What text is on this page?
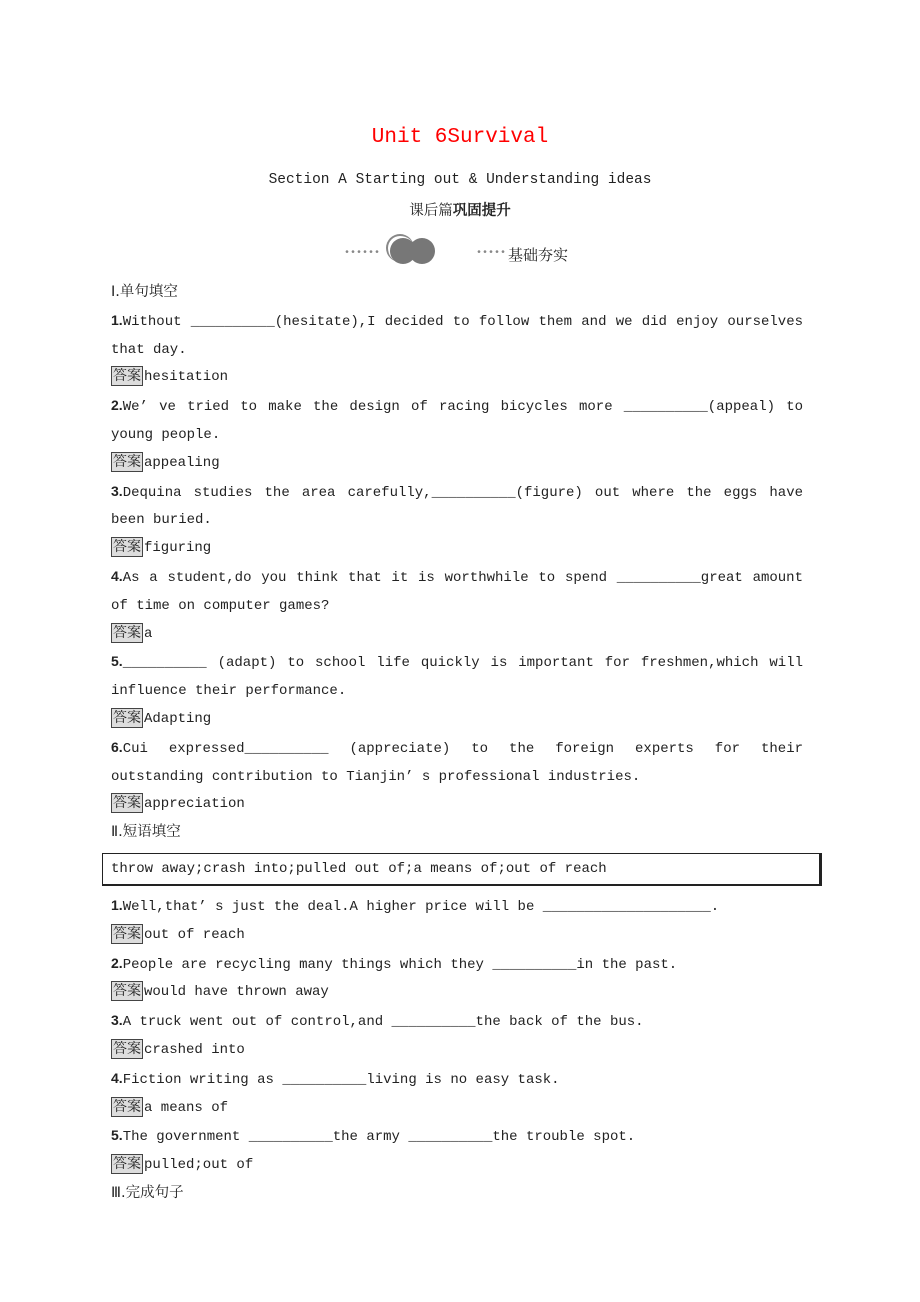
Unit 6Survival
Section A Starting out & Understanding ideas
课后篇巩固提升
••••••	••••• 基础夯实
Ⅰ.单句填空
1.Without __________(hesitate),I decided to follow them and we did enjoy ourselves that day.
答案 hesitation
2.We’ ve tried to make the design of racing bicycles more __________(appeal) to young people.
答案 appealing
3.Dequina studies the area carefully,__________(figure) out where the eggs have been buried.
答案 figuring
4.As a student,do you think that it is worthwhile to spend __________great amount of time on computer games?
答案 a
5.__________ (adapt) to school life quickly is important for freshmen,which will influence their performance.
答案 Adapting
6.Cui expressed__________ (appreciate) to the foreign experts for their outstanding contribution to Tianjin’ s professional industries.
答案 appreciation
Ⅱ.短语填空
throw away;crash into;pulled out of;a means of;out of reach
1.Well,that’ s just the deal.A higher price will be ____________________.
答案 out of reach
2.People are recycling many things which they __________in the past.
答案 would have thrown away
3.A truck went out of control,and __________the back of the bus.
答案 crashed into
4.Fiction writing as __________living is no easy task.
答案 a means of
5.The government __________the army __________the trouble spot.
答案 pulled;out of
Ⅲ.完成句子
